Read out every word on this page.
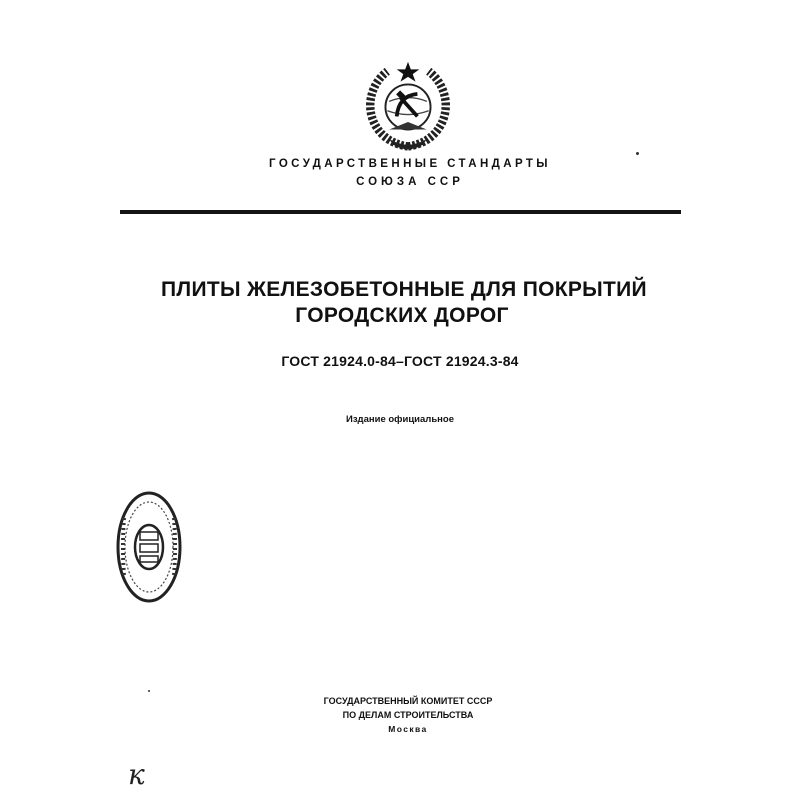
ГОСУДАРСТВЕННЫЕ СТАНДАРТЫ
СОЮЗА ССР
ПЛИТЫ ЖЕЛЕЗОБЕТОННЫЕ ДЛЯ ПОКРЫТИЙ
ГОРОДСКИХ ДОРОГ
ГОСТ 21924.0-84–ГОСТ 21924.3-84
Издание официальное
ГОСУДАРСТВЕННЫЙ КОМИТЕТ СССР
ПО ДЕЛАМ СТРОИТЕЛЬСТВА
Москва
к
